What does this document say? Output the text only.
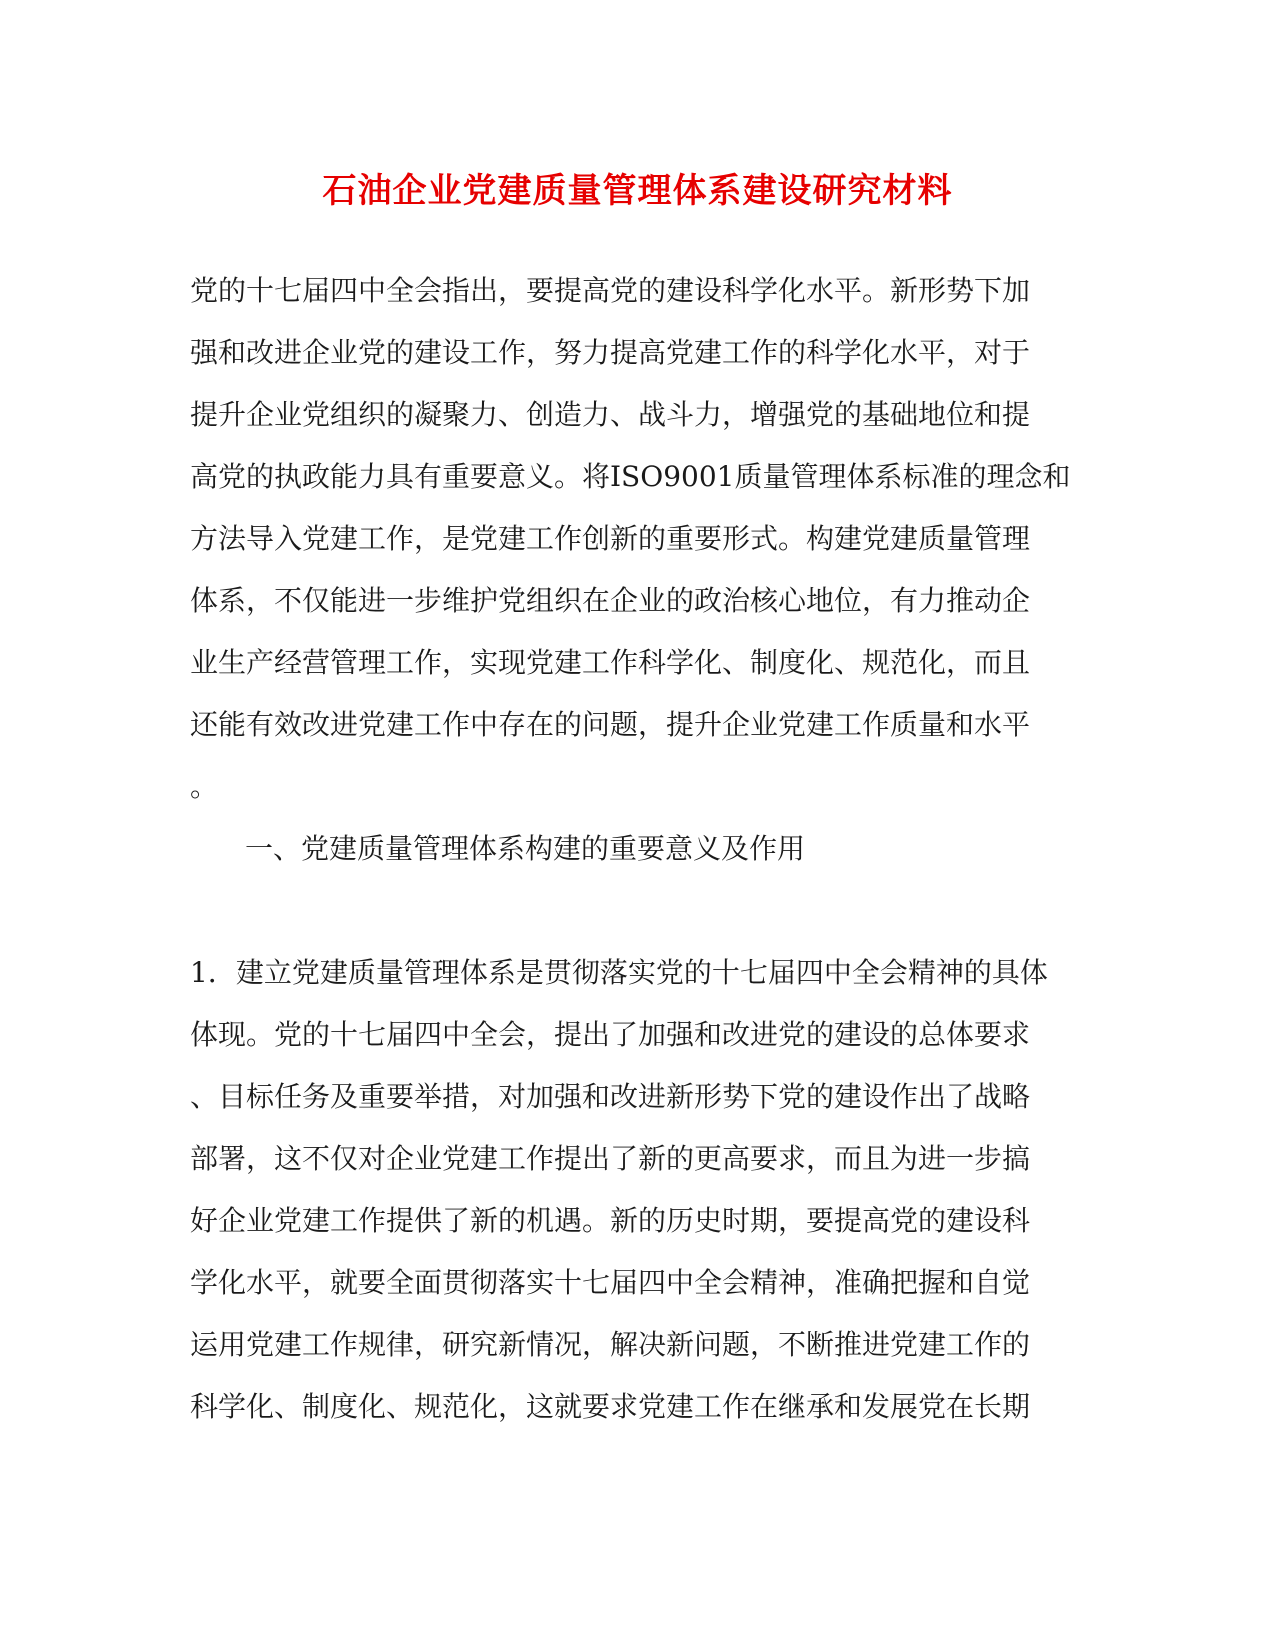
石油企业党建质量管理体系建设研究材料
党的十七届四中全会指出，要提高党的建设科学化水平。新形势下加
强和改进企业党的建设工作，努力提高党建工作的科学化水平，对于
提升企业党组织的凝聚力、创造力、战斗力，增强党的基础地位和提
高党的执政能力具有重要意义。将ISO9001质量管理体系标准的理念和
方法导入党建工作，是党建工作创新的重要形式。构建党建质量管理
体系，不仅能进一步维护党组织在企业的政治核心地位，有力推动企
业生产经营管理工作，实现党建工作科学化、制度化、规范化，而且
还能有效改进党建工作中存在的问题，提升企业党建工作质量和水平
。
一、党建质量管理体系构建的重要意义及作用
1．建立党建质量管理体系是贯彻落实党的十七届四中全会精神的具体
体现。党的十七届四中全会，提出了加强和改进党的建设的总体要求
、目标任务及重要举措，对加强和改进新形势下党的建设作出了战略
部署，这不仅对企业党建工作提出了新的更高要求，而且为进一步搞
好企业党建工作提供了新的机遇。新的历史时期，要提高党的建设科
学化水平，就要全面贯彻落实十七届四中全会精神，准确把握和自觉
运用党建工作规律，研究新情况，解决新问题，不断推进党建工作的
科学化、制度化、规范化，这就要求党建工作在继承和发展党在长期
